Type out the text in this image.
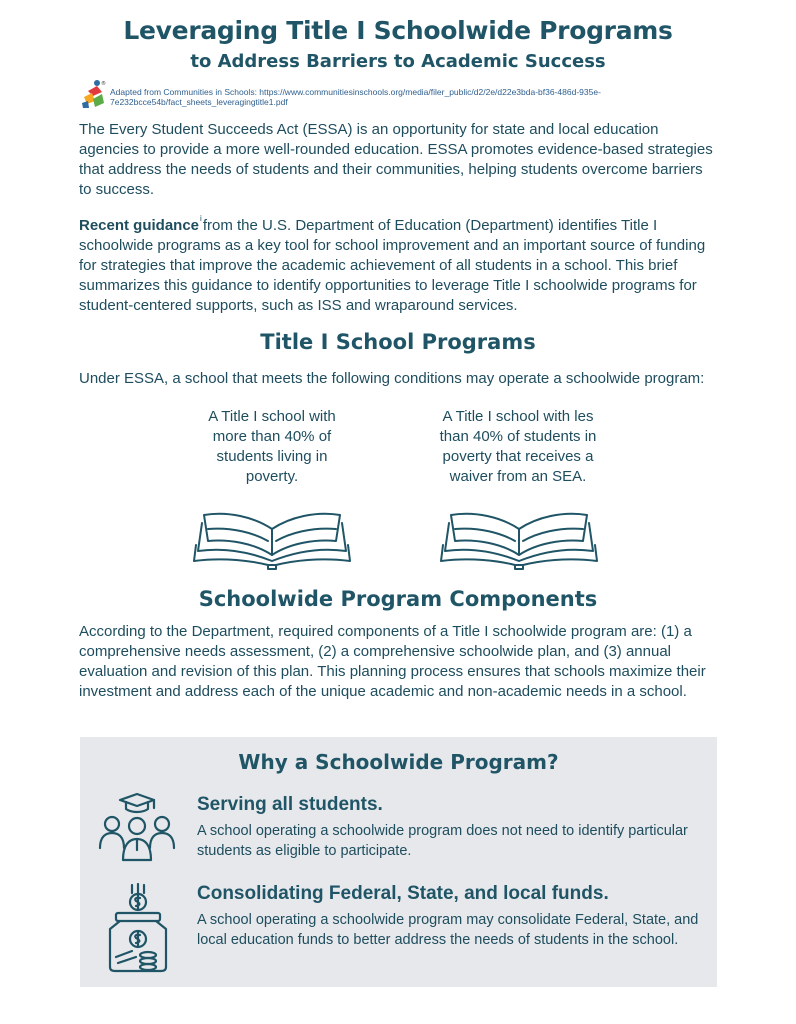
Leveraging Title I Schoolwide Programs
to Address Barriers to Academic Success
®
Adapted from Communities in Schools: https://www.communitiesinschools.org/media/filer_public/d2/2e/d22e3bda-bf36-486d-935e-
7e232bcce54b/fact_sheets_leveragingtitle1.pdf
The Every Student Succeeds Act (ESSA) is an opportunity for state and local education agencies to provide a more well-rounded education. ESSA promotes evidence-based strategies that address the needs of students and their communities, helping students overcome barriers to success.
Recent guidance$^i$from the U.S. Department of Education (Department) identifies Title I schoolwide programs as a key tool for school improvement and an important source of funding for strategies that improve the academic achievement of all students in a school. This brief summarizes this guidance to identify opportunities to leverage Title I schoolwide programs for student-centered supports, such as ISS and wraparound services.
Title I School Programs
Under ESSA, a school that meets the following conditions may operate a schoolwide program:
A Title I school with more than 40% of students living in poverty.
A Title I school with les than 40% of students in poverty that receives a waiver from an SEA.
Schoolwide Program Components
According to the Department, required components of a Title I schoolwide program are: (1) a comprehensive needs assessment, (2) a comprehensive schoolwide plan, and (3) annual evaluation and revision of this plan. This planning process ensures that schools maximize their investment and address each of the unique academic and non-academic needs in a school.
Why a Schoolwide Program?
Serving all students.
A school operating a schoolwide program does not need to identify particular students as eligible to participate.
Consolidating Federal, State, and local funds.
A school operating a schoolwide program may consolidate Federal, State, and local education funds to better address the needs of students in the school.
